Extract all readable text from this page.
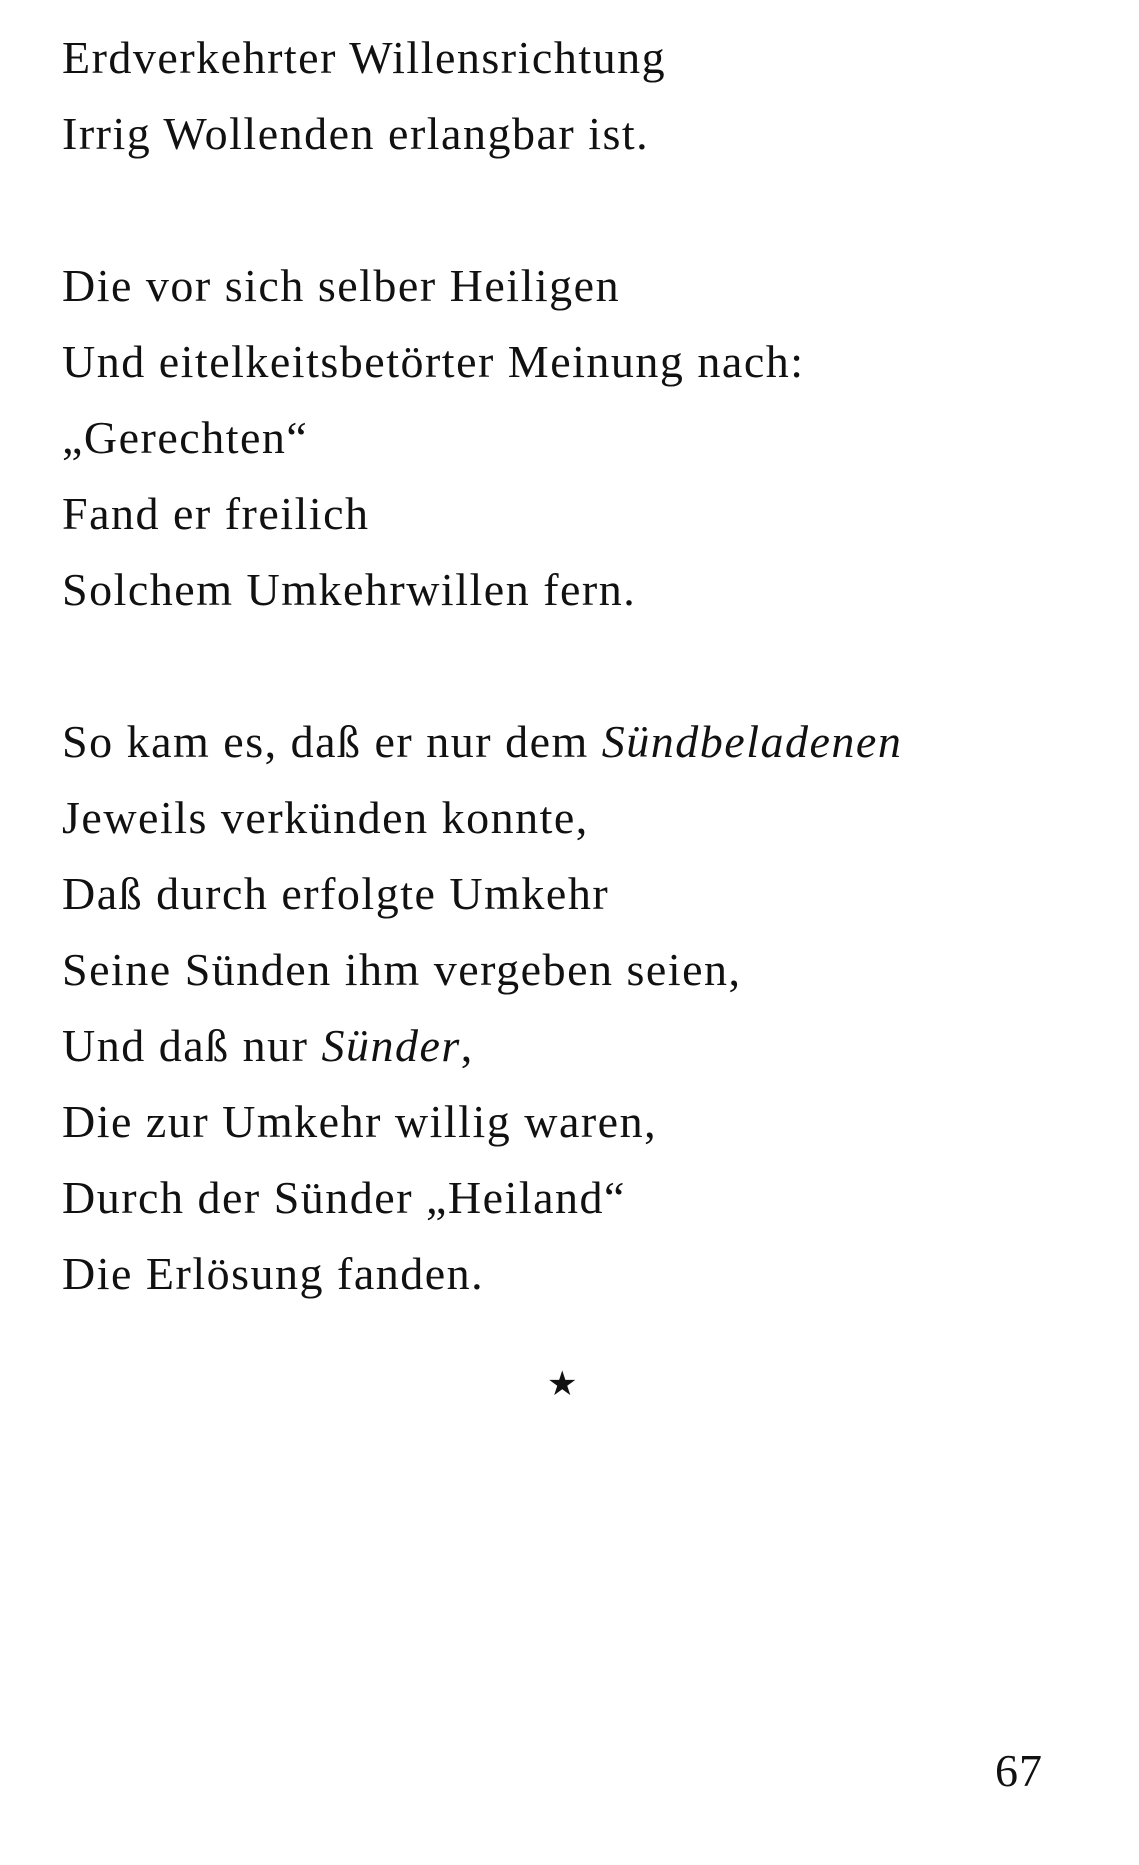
Erdverkehrter Willensrichtung
Irrig Wollenden erlangbar ist.
Die vor sich selber Heiligen
Und eitelkeitsbetörter Meinung nach:
„Gerechten“
Fand er freilich
Solchem Umkehrwillen fern.
So kam es, daß er nur dem Sündbeladenen
Jeweils verkünden konnte,
Daß durch erfolgte Umkehr
Seine Sünden ihm vergeben seien,
Und daß nur Sünder,
Die zur Umkehr willig waren,
Durch der Sünder „Heiland“
Die Erlösung fanden.
★
67
